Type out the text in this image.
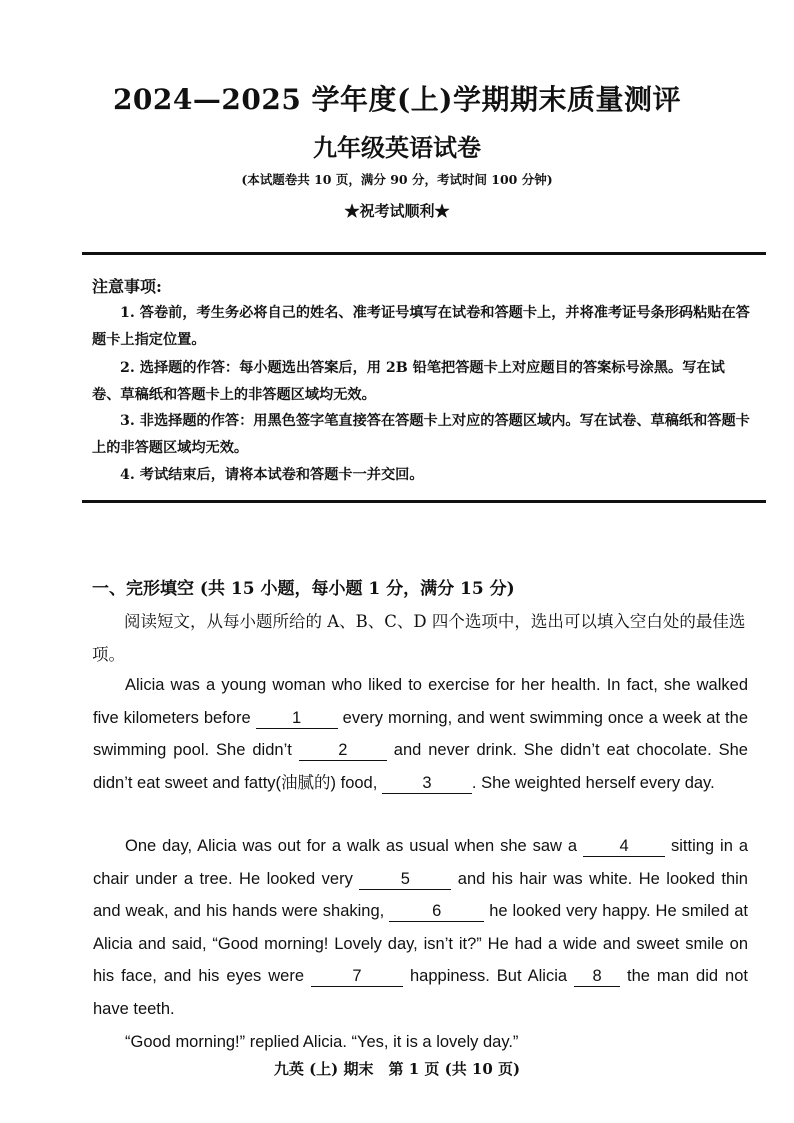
2024—2025 学年度(上)学期期末质量测评
九年级英语试卷
(本试题卷共 10 页，满分 90 分，考试时间 100 分钟)
★祝考试顺利★
注意事项:
1. 答卷前，考生务必将自己的姓名、准考证号填写在试卷和答题卡上，并将准考证号条形码粘贴在答题卡上指定位置。
2. 选择题的作答：每小题选出答案后，用 2B 铅笔把答题卡上对应题目的答案标号涂黑。写在试卷、草稿纸和答题卡上的非答题区域均无效。
3. 非选择题的作答：用黑色签字笔直接答在答题卡上对应的答题区域内。写在试卷、草稿纸和答题卡上的非答题区域均无效。
4. 考试结束后，请将本试卷和答题卡一并交回。
一、完形填空 (共 15 小题，每小题 1 分，满分 15 分)
阅读短文，从每小题所给的 A、B、C、D 四个选项中，选出可以填入空白处的最佳选项。
Alicia was a young woman who liked to exercise for her health. In fact, she walked five kilometers before	1	every morning, and went swimming once a week at the swimming pool. She didn’t	2	and never drink. She didn’t eat chocolate. She didn’t eat sweet and fatty(油腻的) food,	3 . She weighted herself every day.
One day, Alicia was out for a walk as usual when she saw a	4	sitting in a chair under a tree. He looked very	5	and his hair was white. He looked thin and weak, and his hands were shaking,	6	he looked very happy. He smiled at Alicia and said, “Good morning! Lovely day, isn’t it?” He had a wide and sweet smile on his face, and his eyes were	7	happiness. But Alicia 8 the man did not have teeth.
“Good morning!” replied Alicia. “Yes, it is a lovely day.”
九英 (上) 期末　第 1 页 (共 10 页)
